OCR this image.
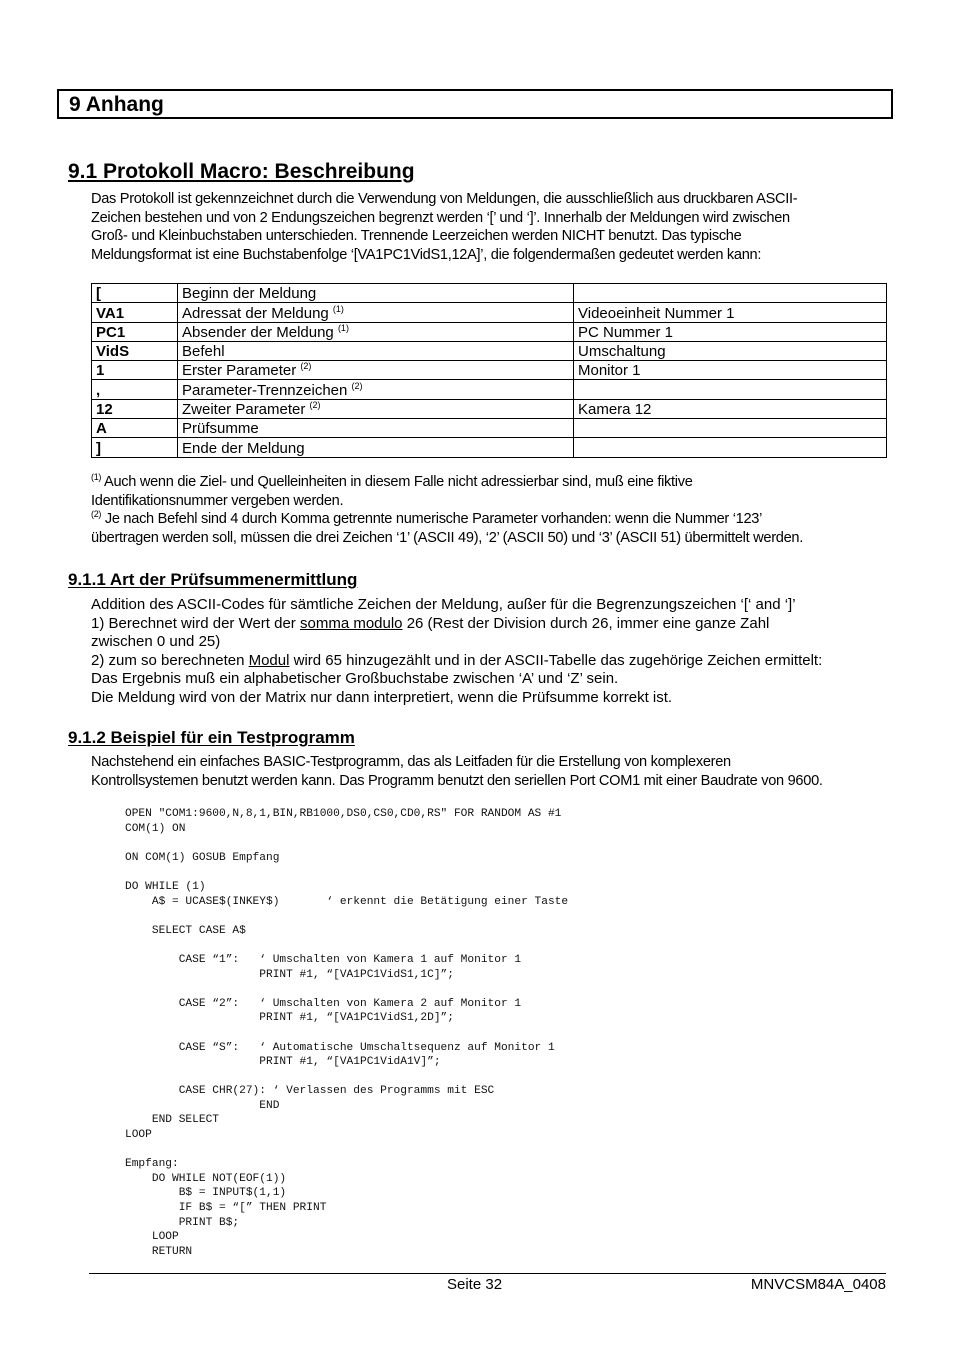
9 Anhang
9.1 Protokoll Macro: Beschreibung

Das Protokoll ist gekennzeichnet durch die Verwendung von Meldungen, die ausschließlich aus druckbaren ASCII-

Zeichen bestehen und von 2 Endungszeichen begrenzt werden ‘[’ und ‘]’. Innerhalb der Meldungen wird zwischen

Groß- und Kleinbuchstaben unterschieden. Trennende Leerzeichen werden NICHT benutzt. Das typische

Meldungsformat ist eine Buchstabenfolge ‘[VA1PC1VidS1,12A]’, die folgendermaßen gedeutet werden kann:

[	Beginn der Meldung	
VA1	Adressat der Meldung $^{(1)}$	Videoeinheit Nummer 1
PC1	Absender der Meldung $^{(1)}$	PC Nummer 1
VidS	Befehl	Umschaltung
1	Erster Parameter $^{(2)}$	Monitor 1
,	Parameter-Trennzeichen $^{(2)}$	
12	Zweiter Parameter $^{(2)}$	Kamera 12
A	Prüfsumme	
]	Ende der Meldung	

$^{(1)}$ Auch wenn die Ziel- und Quelleinheiten in diesem Falle nicht adressierbar sind, muß eine fiktive

Identifikationsnummer vergeben werden.

$^{(2)}$ Je nach Befehl sind 4 durch Komma getrennte numerische Parameter vorhanden: wenn die Nummer ‘123’

übertragen werden soll, müssen die drei Zeichen ‘1’ (ASCII 49), ‘2’ (ASCII 50) und ‘3’ (ASCII 51) übermittelt werden.

9.1.1 Art der Prüfsummenermittlung

Addition des ASCII-Codes für sämtliche Zeichen der Meldung, außer für die Begrenzungszeichen ‘[‘ and ‘]’

1) Berechnet wird der Wert der somma modulo 26 (Rest der Division durch 26, immer eine ganze Zahl

zwischen 0 und 25)

2) zum so berechneten Modul wird 65 hinzugezählt und in der ASCII-Tabelle das zugehörige Zeichen ermittelt:

Das Ergebnis muß ein alphabetischer Großbuchstabe zwischen ‘A’ und ‘Z’ sein.

Die Meldung wird von der Matrix nur dann interpretiert, wenn die Prüfsumme korrekt ist.

9.1.2 Beispiel für ein Testprogramm

Nachstehend ein einfaches BASIC-Testprogramm, das als Leitfaden für die Erstellung von komplexeren

Kontrollsystemen benutzt werden kann. Das Programm benutzt den seriellen Port COM1 mit einer Baudrate von 9600.

OPEN "COM1:9600,N,8,1,BIN,RB1000,DS0,CS0,CD0,RS" FOR RANDOM AS #1
COM(1) ON

ON COM(1) GOSUB Empfang

DO WHILE (1)
A$ = UCASE$(INKEY$)       ‘ erkennt die Betätigung einer Taste

SELECT CASE A$

CASE “1”:   ‘ Umschalten von Kamera 1 auf Monitor 1
PRINT #1, “[VA1PC1VidS1,1C]”;

CASE “2”:   ‘ Umschalten von Kamera 2 auf Monitor 1
PRINT #1, “[VA1PC1VidS1,2D]”;

CASE “S”:   ‘ Automatische Umschaltsequenz auf Monitor 1
PRINT #1, “[VA1PC1VidA1V]”;

CASE CHR(27): ‘ Verlassen des Programms mit ESC
END
END SELECT
LOOP

Empfang:
DO WHILE NOT(EOF(1))
B$ = INPUT$(1,1)
IF B$ = “[” THEN PRINT
PRINT B$;
LOOP
RETURN
Seite 32	MNVCSM84A_0408
